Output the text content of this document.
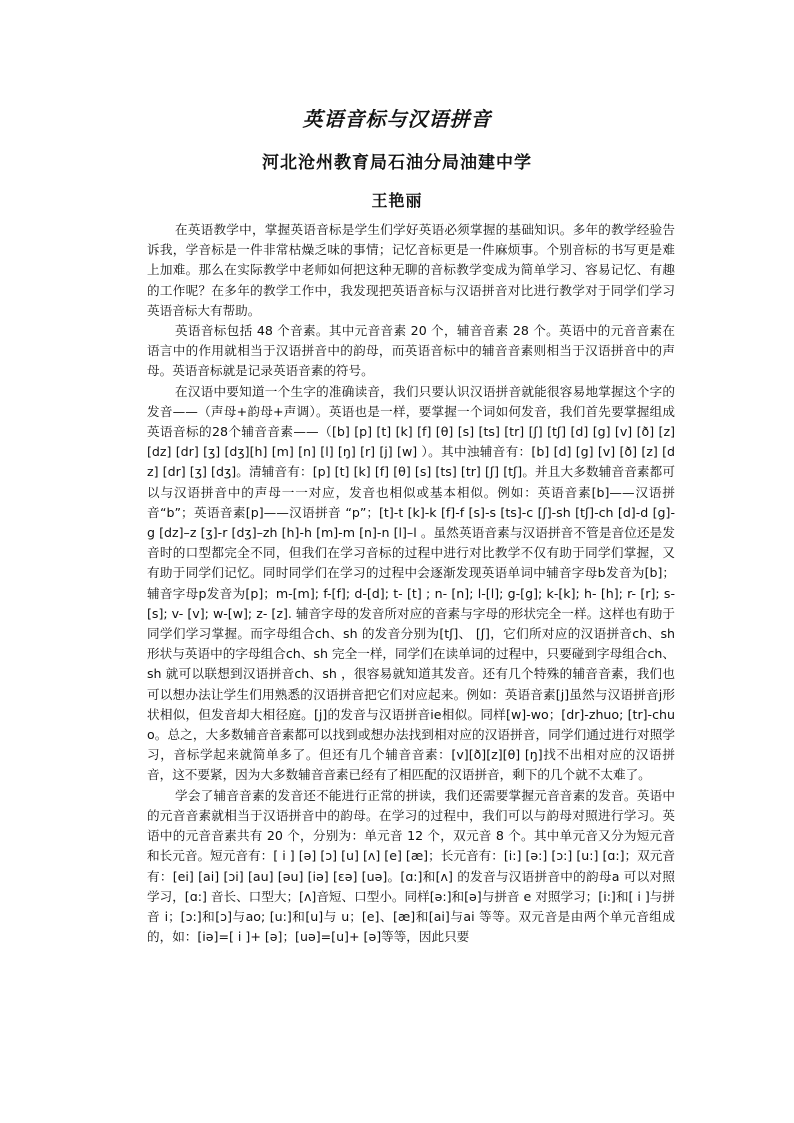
英语音标与汉语拼音
河北沧州教育局石油分局油建中学
王艳丽

在英语教学中，掌握英语音标是学生们学好英语必须掌握的基础知识。多年的教学经验告诉我，学音标是一件非常枯燥乏味的事情；记忆音标更是一件麻烦事。个别音标的书写更是难上加难。那么在实际教学中老师如何把这种无聊的音标教学变成为简单学习、容易记忆、有趣的工作呢？在多年的教学工作中，我发现把英语音标与汉语拼音对比进行教学对于同学们学习英语音标大有帮助。

英语音标包括 48 个音素。其中元音音素 20 个，辅音音素 28 个。英语中的元音音素在语言中的作用就相当于汉语拼音中的韵母，而英语音标中的辅音音素则相当于汉语拼音中的声母。英语音标就是记录英语音素的符号。

在汉语中要知道一个生字的准确读音，我们只要认识汉语拼音就能很容易地掌握这个字的发音——（声母+韵母+声调）。英语也是一样，要掌握一个词如何发音，我们首先要掌握组成英语音标的28个辅音音素——（[b] [p] [t] [k] [f] [θ] [s] [ts] [tr] [ʃ] [tʃ] [d] [g] [v] [ð] [z] [dz] [dr] [ʒ] [dʒ][h] [m] [n] [l] [ŋ] [r] [j] [w] ）。其中浊辅音有：[b] [d] [g] [v] [ð] [z] [dz] [dr] [ʒ] [dʒ]。清辅音有：[p] [t] [k] [f] [θ] [s] [ts] [tr] [ʃ] [tʃ]。并且大多数辅音音素都可以与汉语拼音中的声母一一对应，发音也相似或基本相似。例如：英语音素[b]——汉语拼音“b”；英语音素[p]——汉语拼音 “p”；[t]-t [k]-k [f]-f [s]-s [ts]-c [ʃ]-sh [tʃ]-ch [d]-d [g]-g [dz]–z [ʒ]-r [dʒ]–zh [h]-h [m]-m [n]-n [l]–l 。虽然英语音素与汉语拼音不管是音位还是发音时的口型都完全不同，但我们在学习音标的过程中进行对比教学不仅有助于同学们掌握，又有助于同学们记忆。同时同学们在学习的过程中会逐渐发现英语单词中辅音字母b发音为[b]；辅音字母p发音为[p]；m-[m]; f-[f]; d-[d]; t- [t] ; n- [n]; l-[l]; g-[g]; k-[k]; h- [h]; r- [r]; s- [s]; v- [v]; w-[w]; z- [z]. 辅音字母的发音所对应的音素与字母的形状完全一样。这样也有助于同学们学习掌握。而字母组合ch、sh 的发音分别为[tʃ]、 [ʃ]，它们所对应的汉语拼音ch、sh 形状与英语中的字母组合ch、sh 完全一样，同学们在读单词的过程中，只要碰到字母组合ch、sh 就可以联想到汉语拼音ch、sh ，很容易就知道其发音。还有几个特殊的辅音音素，我们也可以想办法让学生们用熟悉的汉语拼音把它们对应起来。例如：英语音素[j]虽然与汉语拼音j形状相似，但发音却大相径庭。[j]的发音与汉语拼音ie相似。同样[w]-wo；[dr]-zhuo; [tr]-chuo。总之，大多数辅音音素都可以找到或想办法找到相对应的汉语拼音，同学们通过进行对照学习，音标学起来就简单多了。但还有几个辅音音素：[v][ð][z][θ] [ŋ]找不出相对应的汉语拼音，这不要紧，因为大多数辅音音素已经有了相匹配的汉语拼音，剩下的几个就不太难了。

学会了辅音音素的发音还不能进行正常的拼读，我们还需要掌握元音音素的发音。英语中的元音音素就相当于汉语拼音中的韵母。在学习的过程中，我们可以与韵母对照进行学习。英语中的元音音素共有 20 个，分别为：单元音 12 个，双元音 8 个。其中单元音又分为短元音和长元音。短元音有：[ i ] [ə] [ɔ] [u] [ʌ] [e] [æ]；长元音有：[i:] [ə:] [ɔ:] [u:] [ɑ:]；双元音有：[ei] [ai] [ɔi] [au] [əu] [iə] [εə] [uə]。[ɑ:]和[ʌ] 的发音与汉语拼音中的韵母a 可以对照学习，[ɑ:] 音长、口型大；[ʌ]音短、口型小。同样[ə:]和[ə]与拼音 e 对照学习；[i:]和[ i ]与拼音 i；[ɔ:]和[ɔ]与ao; [u:]和[u]与 u；[e]、[æ]和[ai]与ai 等等。双元音是由两个单元音组成的，如：[iə]=[ i ]+ [ə]；[uə]=[u]+ [ə]等等，因此只要
